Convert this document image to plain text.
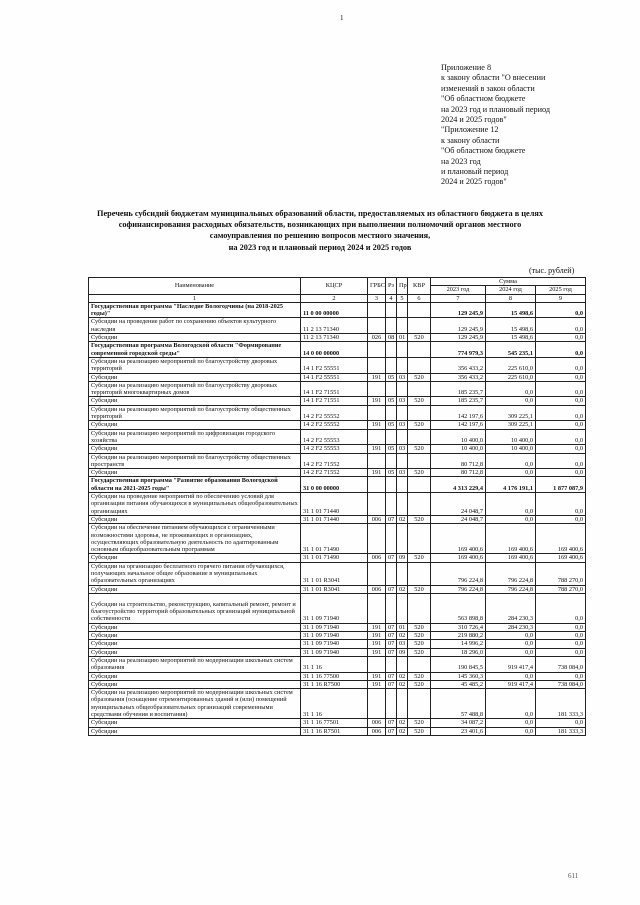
1
Приложение 8
к закону области "О внесении
изменений в закон области
"Об областном бюджете
на 2023 год и плановый период
2024 и 2025 годов"
"Приложение 12
к закону области
"Об областном бюджете
на 2023 год
и плановый период
2024 и 2025 годов"
Перечень субсидий бюджетам муниципальных образований области, предоставляемых из областного бюджета в целях
софинансирования расходных обязательств, возникающих при выполнении полномочий органов местного
самоуправления по решению вопросов местного значения,
на 2023 год и плановый период 2024 и 2025 годов
(тыс. рублей)
Наименование	КЦСР	ГРБС	Рз	Пр	КВР	Сумма		
						2023 год	2024 год	2025 год
1	2	3	4	5	6	7	8	9
Государственная программа "Наследие Вологодчины (на 2018-2025 годы)"	11 0 00 00000					129 245,9	15 498,6	0,0
Субсидии на проведение работ по сохранению объектов культурного наследия	11 2 13 71340					129 245,9	15 498,6	0,0
Субсидии	11 2 13 71340	026	08	01	520	129 245,9	15 498,6	0,0
Государственная программа Вологодской области "Формирование современной городской среды"	14 0 00 00000					774 979,3	545 235,1	0,0
Субсидии на реализацию мероприятий по благоустройству дворовых территорий	14 1 F2 55551					356 433,2	225 610,0	0,0
Субсидии	14 1 F2 55551	191	05	03	520	356 433,2	225 610,0	0,0
Субсидии на реализацию мероприятий по благоустройству дворовых территорий многоквартирных домов	14 1 F2 71551					185 235,7	0,0	0,0
Субсидии	14 1 F2 71551	191	05	03	520	185 235,7	0,0	0,0
Субсидии на реализацию мероприятий по благоустройству общественных территорий	14 2 F2 55552					142 197,6	309 225,1	0,0
Субсидии	14 2 F2 55552	191	05	03	520	142 197,6	309 225,1	0,0
Субсидии на реализацию мероприятий по цифровизации городского хозяйства	14 2 F2 55553					10 400,0	10 400,0	0,0
Субсидии	14 2 F2 55553	191	05	03	520	10 400,0	10 400,0	0,0
Субсидии на реализацию мероприятий по благоустройству общественных пространств	14 2 F2 71552					80 712,8	0,0	0,0
Субсидии	14 2 F2 71552	191	05	03	520	80 712,8	0,0	0,0
Государственная программа "Развитие образования Вологодской области на 2021-2025 годы"	31 0 00 00000					4 313 229,4	4 176 191,1	1 877 087,9
Субсидии на проведение мероприятий по обеспечению условий для организации питания обучающихся в муниципальных общеобразовательных организациях	31 1 01 71440					24 048,7	0,0	0,0
Субсидии	31 1 01 71440	006	07	02	520	24 048,7	0,0	0,0
Субсидии на обеспечение питанием обучающихся с ограниченными возможностями здоровья, не проживающих в организациях, осуществляющих образовательную деятельность по адаптированным основным общеобразовательным программам	31 1 01 71490					169 400,6	169 400,6	169 400,6
Субсидии	31 1 01 71490	006	07	09	520	169 400,6	169 400,6	169 400,6
Субсидии на организацию бесплатного горячего питания обучающихся, получающих начальное общее образование в муниципальных образовательных организациях	31 1 01 R3041					796 224,8	796 224,8	788 270,0
Субсидии	31 1 01 R3041	006	07	02	520	796 224,8	796 224,8	788 270,0
Субсидии на строительство, реконструкцию, капитальный ремонт, ремонт и благоустройство территорий образовательных организаций муниципальной собственности	31 1 09 71940					563 898,8	284 230,3	0,0
Субсидии	31 1 09 71940	191	07	01	520	310 726,4	284 230,3	0,0
Субсидии	31 1 09 71940	191	07	02	520	219 880,2	0,0	0,0
Субсидии	31 1 09 71940	191	07	03	520	14 996,2	0,0	0,0
Субсидии	31 1 09 71940	191	07	09	520	18 296,0	0,0	0,0
Субсидии на реализацию мероприятий по модернизации школьных систем образования	31 1 16					190 845,5	919 417,4	738 084,0
Субсидии	31 1 16 77500	191	07	02	520	145 360,3	0,0	0,0
Субсидии	31 1 16 R7500	191	07	02	520	45 485,2	919 417,4	738 084,0
Субсидии на реализацию мероприятий по модернизации школьных систем образования (оснащение отремонтированных зданий и (или) помещений муниципальных общеобразовательных организаций современными средствами обучения и воспитания)	31 1 16					57 488,8	0,0	181 333,3
Субсидии	31 1 16 77501	006	07	02	520	34 087,2	0,0	0,0
Субсидии	31 1 16 R7501	006	07	02	520	23 401,6	0,0	181 333,3
611
